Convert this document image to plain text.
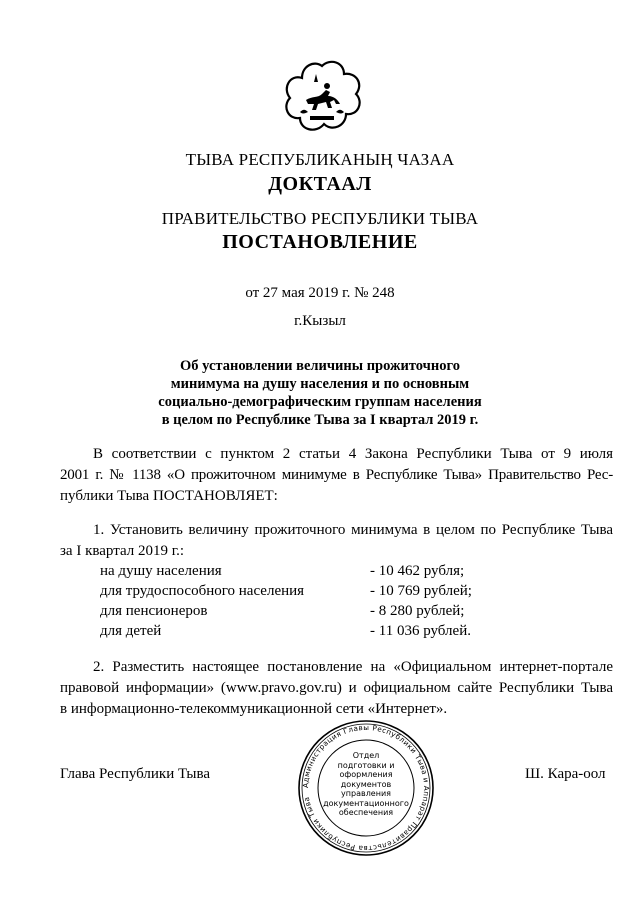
ТЫВА РЕСПУБЛИКАНЫҢ ЧАЗАА
ДОКТААЛ
ПРАВИТЕЛЬСТВО РЕСПУБЛИКИ ТЫВА
ПОСТАНОВЛЕНИЕ
от 27 мая 2019 г. № 248
г.Кызыл
Об установлении величины прожиточного
минимума на душу населения и по основным
социально-демографическим группам населения
в целом по Республике Тыва за I квартал 2019 г.
В соответствии с пунктом 2 статьи 4 Закона Республики Тыва от 9 июля
2001 г. № 1138 «О прожиточном минимуме в Республике Тыва» Правительство Рес-
публики Тыва ПОСТАНОВЛЯЕТ:
1. Установить величину прожиточного минимума в целом по Республике Тыва
за I квартал 2019 г.:
на душу населения	- 10 462 рубля;
для трудоспособного населения	- 10 769 рублей;
для пенсионеров	- 8 280 рублей;
для детей	- 11 036 рублей.
2. Разместить настоящее постановление на «Официальном интернет-портале
правовой информации» (www.pravo.gov.ru) и официальном сайте Республики Тыва
в информационно-телекоммуникационной сети «Интернет».
Администрация Главы Республики Тыва и Аппарат Правительства Республики Тыва
Отдел
подготовки и
оформления документов
управления
документационного
обеспечения
Глава Республики Тыва	Ш. Кара-оол
